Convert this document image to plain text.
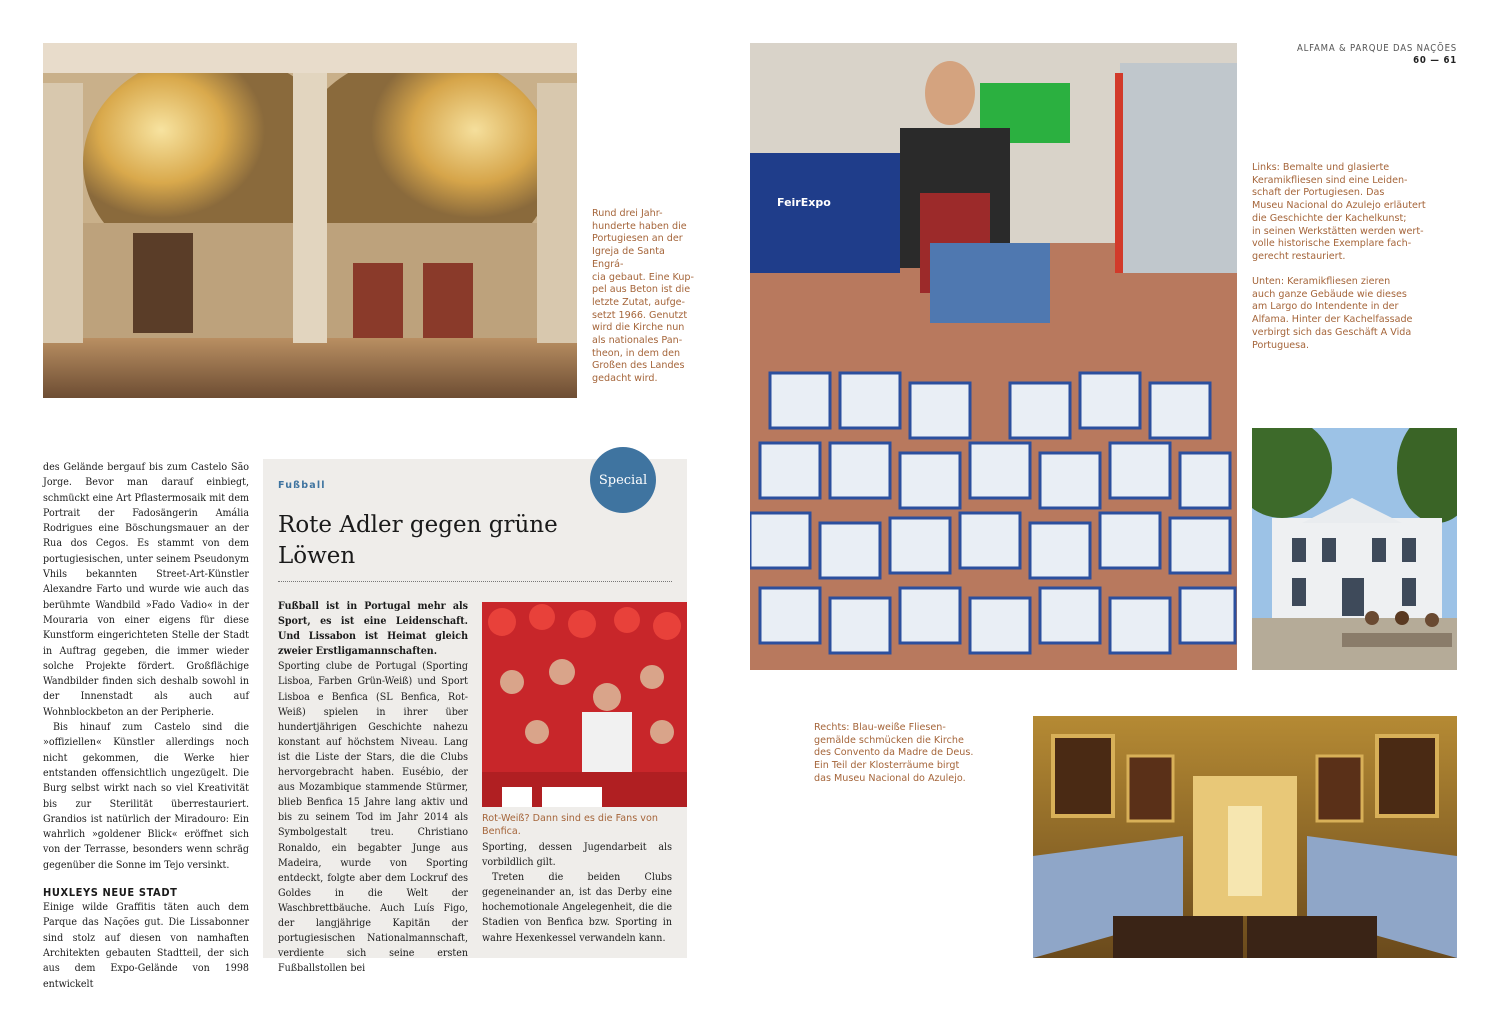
ALFAMA & PARQUE DAS NAÇÕES
60 — 61

Rund drei Jahr-
hunderte haben die
Portugiesen an der
Igreja de Santa Engrá-
cia gebaut. Eine Kup-
pel aus Beton ist die
letzte Zutat, aufge-
setzt 1966. Genutzt
wird die Kirche nun
als nationales Pan-
theon, in dem den
Großen des Landes
gedacht wird.

FeirExpo

Links: Bemalte und glasierte
Keramikfliesen sind eine Leiden-
schaft der Portugiesen. Das
Museu Nacional do Azulejo erläutert
die Geschichte der Kachelkunst;
in seinen Werkstätten werden wert-
volle historische Exemplare fach-
gerecht restauriert.

Unten: Keramikfliesen zieren
auch ganze Gebäude wie dieses
am Largo do Intendente in der
Alfama. Hinter der Kachelfassade
verbirgt sich das Geschäft A Vida
Portuguesa.

Rechts: Blau-weiße Fliesen-
gemälde schmücken die Kirche
des Convento da Madre de Deus.
Ein Teil der Klosterräume birgt
das Museu Nacional do Azulejo.

des Gelände bergauf bis zum Castelo São Jorge. Bevor man darauf einbiegt, schmückt eine Art Pflastermosaik mit dem Portrait der Fadosängerin Amália Rodrigues eine Böschungsmauer an der Rua dos Cegos. Es stammt von dem portugiesischen, unter seinem Pseudonym Vhils bekannten Street-Art-Künstler Alexandre Farto und wurde wie auch das berühmte Wandbild »Fado Vadio« in der Mouraria von einer eigens für diese Kunstform eingerichteten Stelle der Stadt in Auftrag gegeben, die immer wieder solche Projekte fördert. Großflächige Wandbilder finden sich deshalb sowohl in der Innenstadt als auch auf Wohnblockbeton an der Peripherie.

Bis hinauf zum Castelo sind die »offiziellen« Künstler allerdings noch nicht gekommen, die Werke hier entstanden offensichtlich ungezügelt. Die Burg selbst wirkt nach so viel Kreativität bis zur Sterilität überrestauriert. Grandios ist natürlich der Miradouro: Ein wahrlich »goldener Blick« eröffnet sich von der Terrasse, besonders wenn schräg gegenüber die Sonne im Tejo versinkt.

HUXLEYS NEUE STADT

Einige wilde Graffitis täten auch dem Parque das Nações gut. Die Lissabonner sind stolz auf diesen von namhaften Architekten gebauten Stadtteil, der sich aus dem Expo-Gelände von 1998 entwickelt

Special
Fußball
Rote Adler gegen grüne Löwen

Fußball ist in Portugal mehr als Sport, es ist eine Leidenschaft. Und Lissabon ist Heimat gleich zweier Erstligamannschaften.

Sporting clube de Portugal (Sporting Lisboa, Farben Grün-Weiß) und Sport Lisboa e Benfica (SL Benfica, Rot-Weiß) spielen in ihrer über hundertjährigen Geschichte nahezu konstant auf höchstem Niveau. Lang ist die Liste der Stars, die die Clubs hervorgebracht haben. Eusébio, der aus Mozambique stammende Stürmer, blieb Benfica 15 Jahre lang aktiv und bis zu seinem Tod im Jahr 2014 als Symbolgestalt treu. Christiano Ronaldo, ein begabter Junge aus Madeira, wurde von Sporting entdeckt, folgte aber dem Lockruf des Goldes in die Welt der Waschbrettbäuche. Auch Luís Figo, der langjährige Kapitän der portugiesischen Nationalmannschaft, verdiente sich seine ersten Fußballstollen bei

Rot-Weiß? Dann sind es die Fans von Benfica.

Sporting, dessen Jugendarbeit als vorbildlich gilt.

Treten die beiden Clubs gegeneinander an, ist das Derby eine hochemotionale Angelegenheit, die die Stadien von Benfica bzw. Sporting in wahre Hexenkessel verwandeln kann.
